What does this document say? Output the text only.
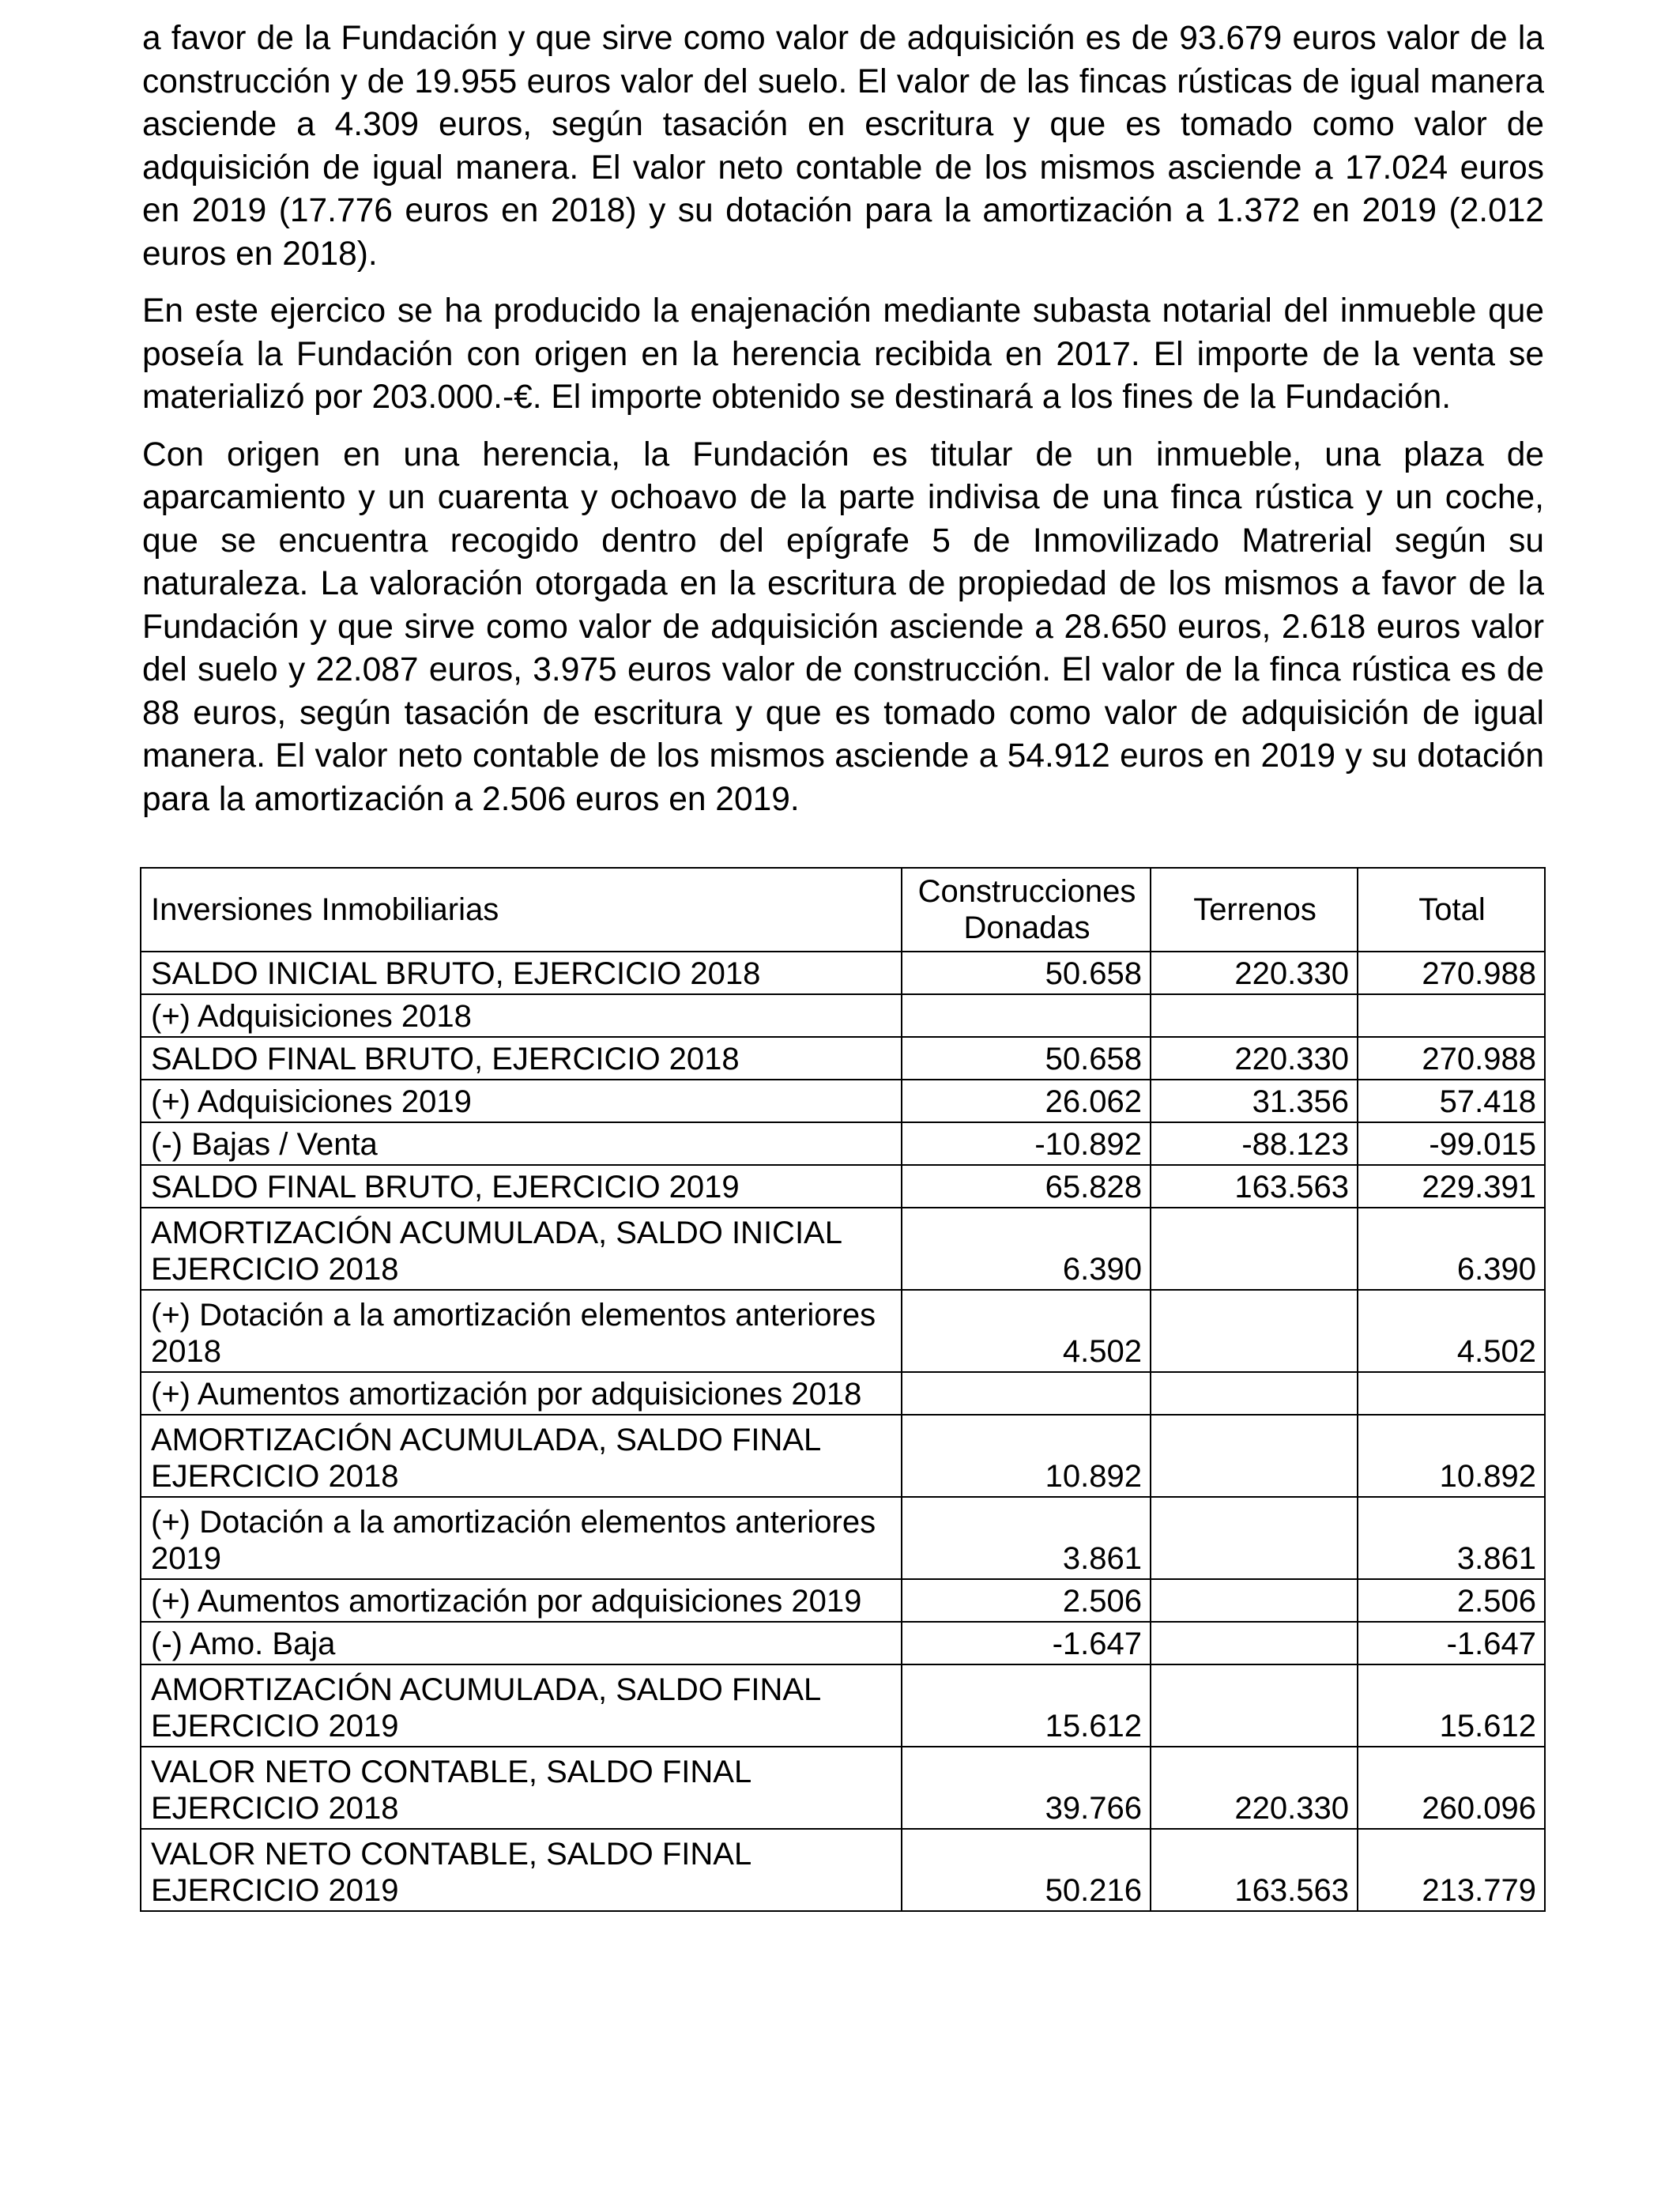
a favor de la Fundación y que sirve como valor de adquisición es de 93.679 euros valor de la construcción y de 19.955 euros valor del suelo. El valor de las fincas rústicas de igual manera asciende a 4.309 euros, según tasación en escritura y que es tomado como valor de adquisición de igual manera. El valor neto contable de los mismos asciende a 17.024 euros en 2019 (17.776 euros en 2018) y su dotación para la amortización a 1.372 en 2019 (2.012 euros en 2018).

En este ejercico se ha producido la enajenación mediante subasta notarial del inmueble que poseía la Fundación con origen en la herencia recibida en 2017. El importe de la venta se materializó por 203.000.-€. El importe obtenido se destinará a los fines de la Fundación.

Con origen en una herencia, la Fundación es titular de un inmueble, una plaza de aparcamiento y un cuarenta y ochoavo de la parte indivisa de una finca rústica y un coche, que se encuentra recogido dentro del epígrafe 5 de Inmovilizado Matrerial según su naturaleza. La valoración otorgada en la escritura de propiedad de los mismos a favor de la Fundación y que sirve como valor de adquisición asciende a 28.650 euros, 2.618 euros valor del suelo y 22.087 euros, 3.975 euros valor de construcción. El valor de la finca rústica es de 88 euros, según tasación de escritura y que es tomado como valor de adquisición de igual manera. El valor neto contable de los mismos asciende a 54.912 euros en 2019 y su dotación para la amortización a 2.506 euros en 2019.

Inversiones Inmobiliarias	Construcciones Donadas	Terrenos	Total
SALDO INICIAL BRUTO, EJERCICIO 2018	50.658	220.330	270.988
(+) Adquisiciones 2018			
SALDO FINAL BRUTO, EJERCICIO 2018	50.658	220.330	270.988
(+) Adquisiciones 2019	26.062	31.356	57.418
(-) Bajas / Venta	-10.892	-88.123	-99.015
SALDO FINAL BRUTO, EJERCICIO 2019	65.828	163.563	229.391
AMORTIZACIÓN ACUMULADA, SALDO INICIAL EJERCICIO 2018	6.390		6.390
(+) Dotación a la amortización elementos anteriores 2018	4.502		4.502
(+) Aumentos amortización por adquisiciones 2018			
AMORTIZACIÓN ACUMULADA, SALDO FINAL EJERCICIO 2018	10.892		10.892
(+) Dotación a la amortización elementos anteriores 2019	3.861		3.861
(+) Aumentos amortización por adquisiciones 2019	2.506		2.506
(-) Amo. Baja	-1.647		-1.647
AMORTIZACIÓN ACUMULADA, SALDO FINAL EJERCICIO 2019	15.612		15.612
VALOR NETO CONTABLE, SALDO FINAL EJERCICIO 2018	39.766	220.330	260.096
VALOR NETO CONTABLE, SALDO FINAL EJERCICIO 2019	50.216	163.563	213.779
